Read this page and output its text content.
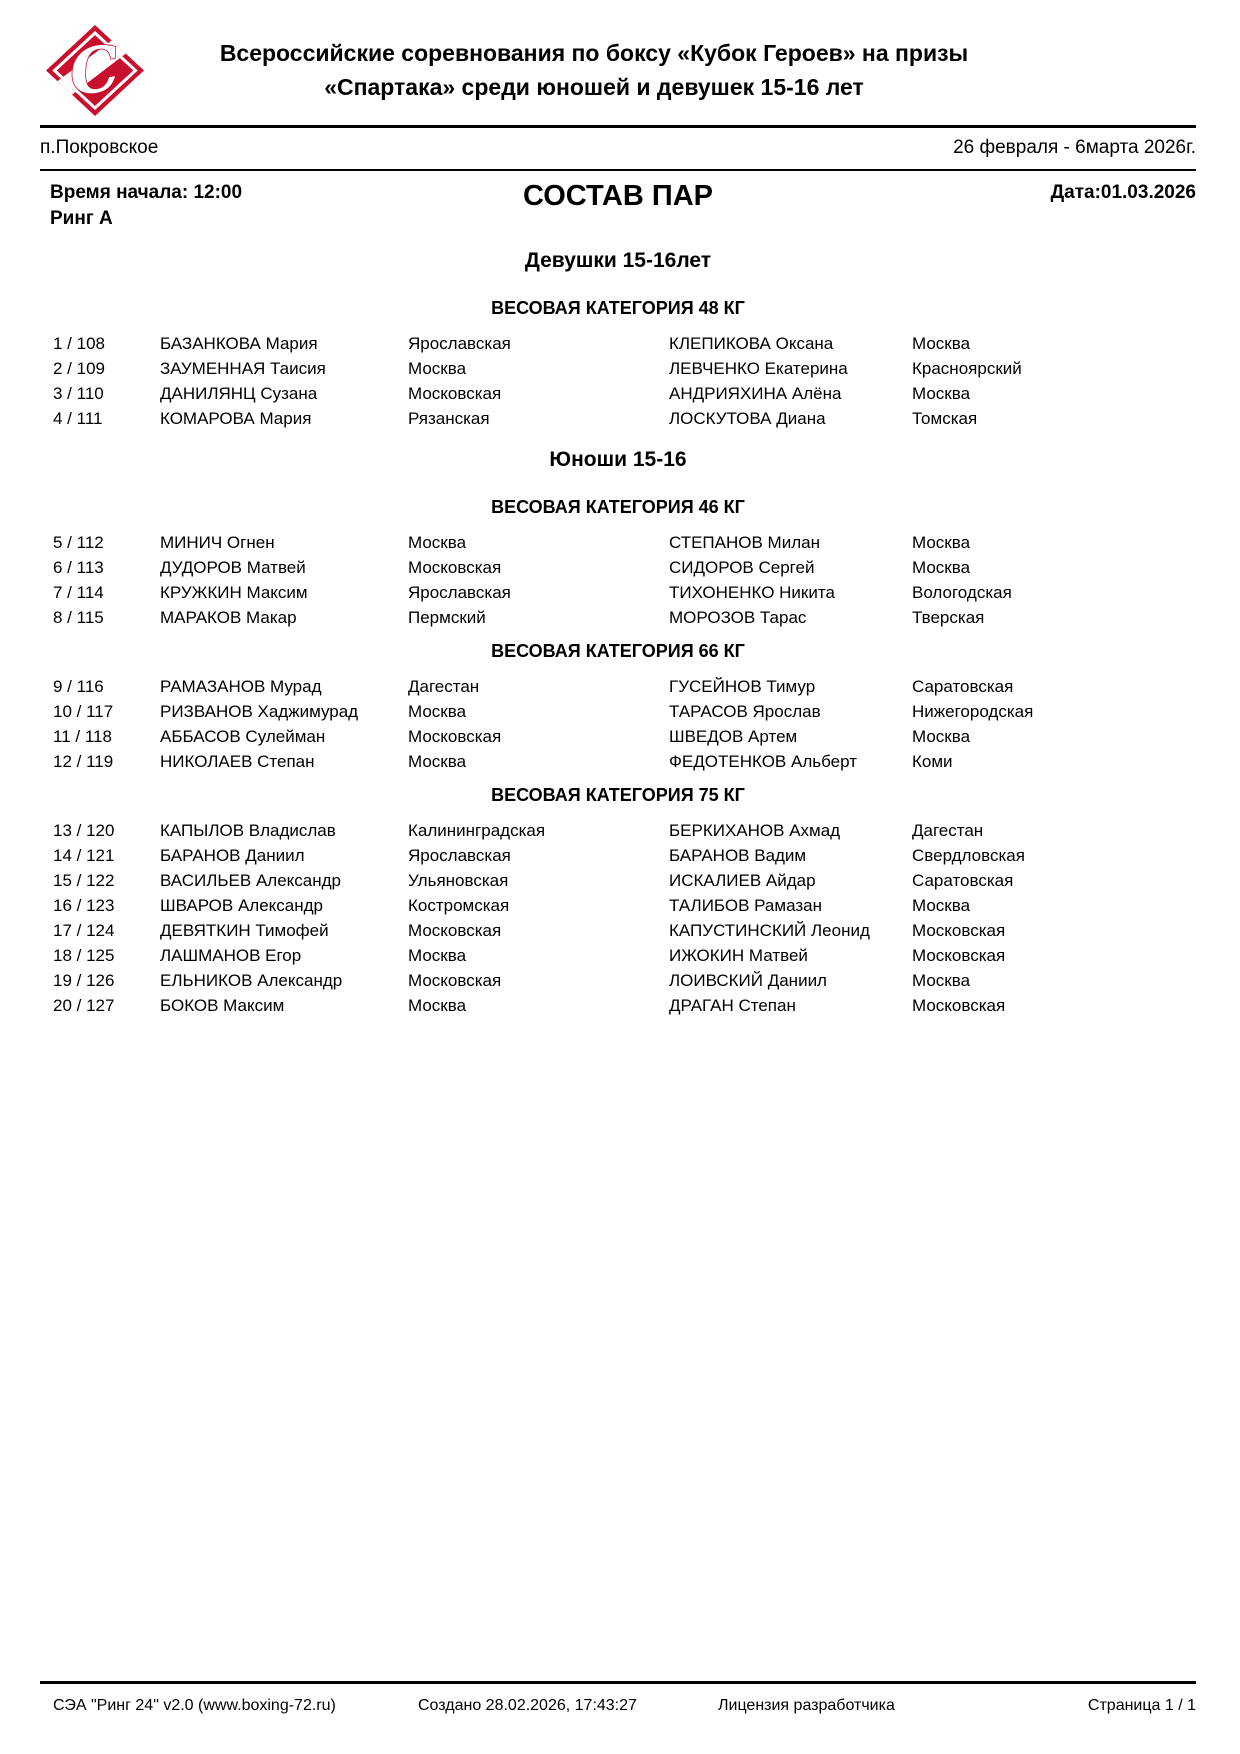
C	Всероссийские соревнования по боксу «Кубок Героев» на призы
«Спартака» среди юношей и девушек 15-16 лет
п.Покровское	26 февраля - 6марта 2026г.
Время начала: 12:00
Ринг А
СОСТАВ ПАР	Дата:01.03.2026
Девушки 15-16лет
ВЕСОВАЯ КАТЕГОРИЯ 48 КГ
1 / 108	БАЗАНКОВА Мария	Ярославская	КЛЕПИКОВА Оксана	Москва
2 / 109	ЗАУМЕННАЯ Таисия	Москва	ЛЕВЧЕНКО Екатерина	Красноярский
3 / 110	ДАНИЛЯНЦ Сузана	Московская	АНДРИЯХИНА Алёна	Москва
4 / 111	КОМАРОВА Мария	Рязанская	ЛОСКУТОВА Диана	Томская
Юноши 15-16
ВЕСОВАЯ КАТЕГОРИЯ 46 КГ
5 / 112	МИНИЧ Огнен	Москва	СТЕПАНОВ Милан	Москва
6 / 113	ДУДОРОВ Матвей	Московская	СИДОРОВ Сергей	Москва
7 / 114	КРУЖКИН Максим	Ярославская	ТИХОНЕНКО Никита	Вологодская
8 / 115	МАРАКОВ Макар	Пермский	МОРОЗОВ Тарас	Тверская
ВЕСОВАЯ КАТЕГОРИЯ 66 КГ
9 / 116	РАМАЗАНОВ Мурад	Дагестан	ГУСЕЙНОВ Тимур	Саратовская
10 / 117	РИЗВАНОВ Хаджимурад	Москва	ТАРАСОВ Ярослав	Нижегородская
11 / 118	АББАСОВ Сулейман	Московская	ШВЕДОВ Артем	Москва
12 / 119	НИКОЛАЕВ Степан	Москва	ФЕДОТЕНКОВ Альберт	Коми
ВЕСОВАЯ КАТЕГОРИЯ 75 КГ
13 / 120	КАПЫЛОВ Владислав	Калининградская	БЕРКИХАНОВ Ахмад	Дагестан
14 / 121	БАРАНОВ Даниил	Ярославская	БАРАНОВ Вадим	Свердловская
15 / 122	ВАСИЛЬЕВ Александр	Ульяновская	ИСКАЛИЕВ Айдар	Саратовская
16 / 123	ШВАРОВ Александр	Костромская	ТАЛИБОВ Рамазан	Москва
17 / 124	ДЕВЯТКИН Тимофей	Московская	КАПУСТИНСКИЙ Леонид	Московская
18 / 125	ЛАШМАНОВ Егор	Москва	ИЖОКИН Матвей	Московская
19 / 126	ЕЛЬНИКОВ Александр	Московская	ЛОИВСКИЙ Даниил	Москва
20 / 127	БОКОВ Максим	Москва	ДРАГАН Степан	Московская
СЭА "Ринг 24" v2.0 (www.boxing-72.ru)	Создано 28.02.2026, 17:43:27	Лицензия разработчика	Страница 1 / 1
